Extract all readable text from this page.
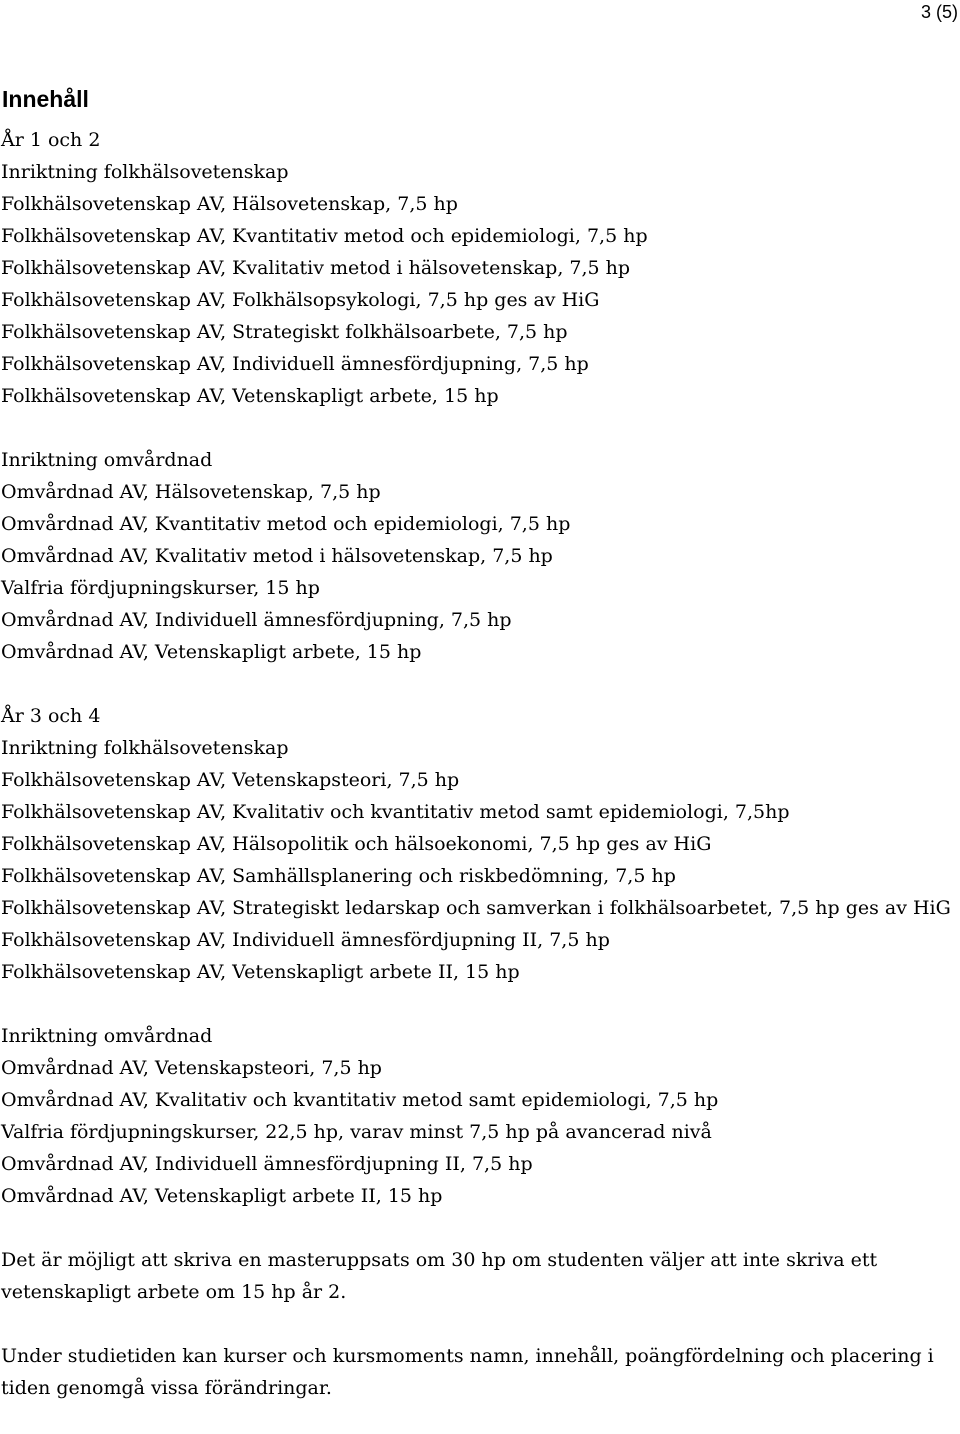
3 (5)
Innehåll
År 1 och 2
Inriktning folkhälsovetenskap
Folkhälsovetenskap AV, Hälsovetenskap, 7,5 hp
Folkhälsovetenskap AV, Kvantitativ metod och epidemiologi, 7,5 hp
Folkhälsovetenskap AV, Kvalitativ metod i hälsovetenskap, 7,5 hp
Folkhälsovetenskap AV, Folkhälsopsykologi, 7,5 hp ges av HiG
Folkhälsovetenskap AV, Strategiskt folkhälsoarbete, 7,5 hp
Folkhälsovetenskap AV, Individuell ämnesfördjupning, 7,5 hp
Folkhälsovetenskap AV, Vetenskapligt arbete, 15 hp
Inriktning omvårdnad
Omvårdnad AV, Hälsovetenskap, 7,5 hp
Omvårdnad AV, Kvantitativ metod och epidemiologi, 7,5 hp
Omvårdnad AV, Kvalitativ metod i hälsovetenskap, 7,5 hp
Valfria fördjupningskurser, 15 hp
Omvårdnad AV, Individuell ämnesfördjupning, 7,5 hp
Omvårdnad AV, Vetenskapligt arbete, 15 hp
År 3 och 4
Inriktning folkhälsovetenskap
Folkhälsovetenskap AV, Vetenskapsteori, 7,5 hp
Folkhälsovetenskap AV, Kvalitativ och kvantitativ metod samt epidemiologi, 7,5hp
Folkhälsovetenskap AV, Hälsopolitik och hälsoekonomi, 7,5 hp ges av HiG
Folkhälsovetenskap AV, Samhällsplanering och riskbedömning, 7,5 hp
Folkhälsovetenskap AV, Strategiskt ledarskap och samverkan i folkhälsoarbetet, 7,5 hp ges av HiG
Folkhälsovetenskap AV, Individuell ämnesfördjupning II, 7,5 hp
Folkhälsovetenskap AV, Vetenskapligt arbete II, 15 hp
Inriktning omvårdnad
Omvårdnad AV, Vetenskapsteori, 7,5 hp
Omvårdnad AV, Kvalitativ och kvantitativ metod samt epidemiologi, 7,5 hp
Valfria fördjupningskurser, 22,5 hp, varav minst 7,5 hp på avancerad nivå
Omvårdnad AV, Individuell ämnesfördjupning II, 7,5 hp
Omvårdnad AV, Vetenskapligt arbete II, 15 hp
Det är möjligt att skriva en masteruppsats om 30 hp om studenten väljer att inte skriva ett vetenskapligt arbete om 15 hp år 2.
Under studietiden kan kurser och kursmoments namn, innehåll, poängfördelning och placering i tiden genomgå vissa förändringar.
